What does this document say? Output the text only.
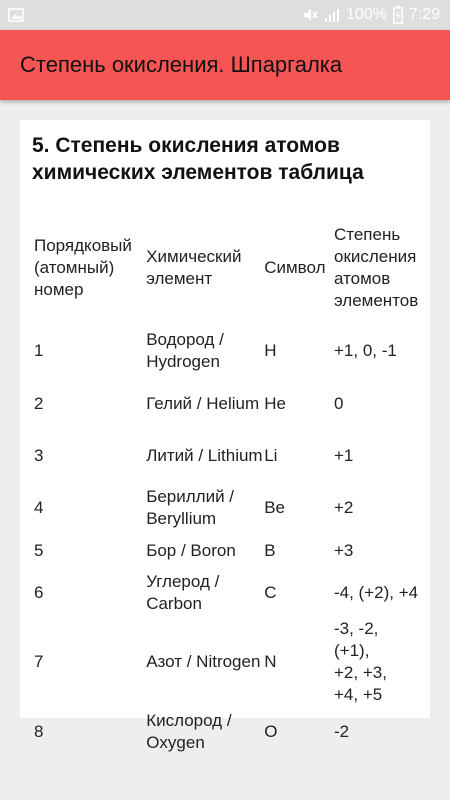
100% 7:29
Степень окисления. Шпаргалка
5. Степень окисления атомов химических элементов таблица
Порядковый (атомный) номер	Химический элемент	Символ	Степень окисления атомов элементов

1	Водород / Hydrogen	H	+1, 0, -1
2	Гелий / Helium	He	0
3	Литий / Lithium	Li	+1
4	Бериллий / Beryllium	Be	+2
5	Бор / Boron	B	+3
6	Углерод / Carbon	C	-4, (+2), +4
7	Азот / Nitrogen	N	-3, -2, (+1), +2, +3, +4, +5

8	Кислород / Oxygen	O	-2
